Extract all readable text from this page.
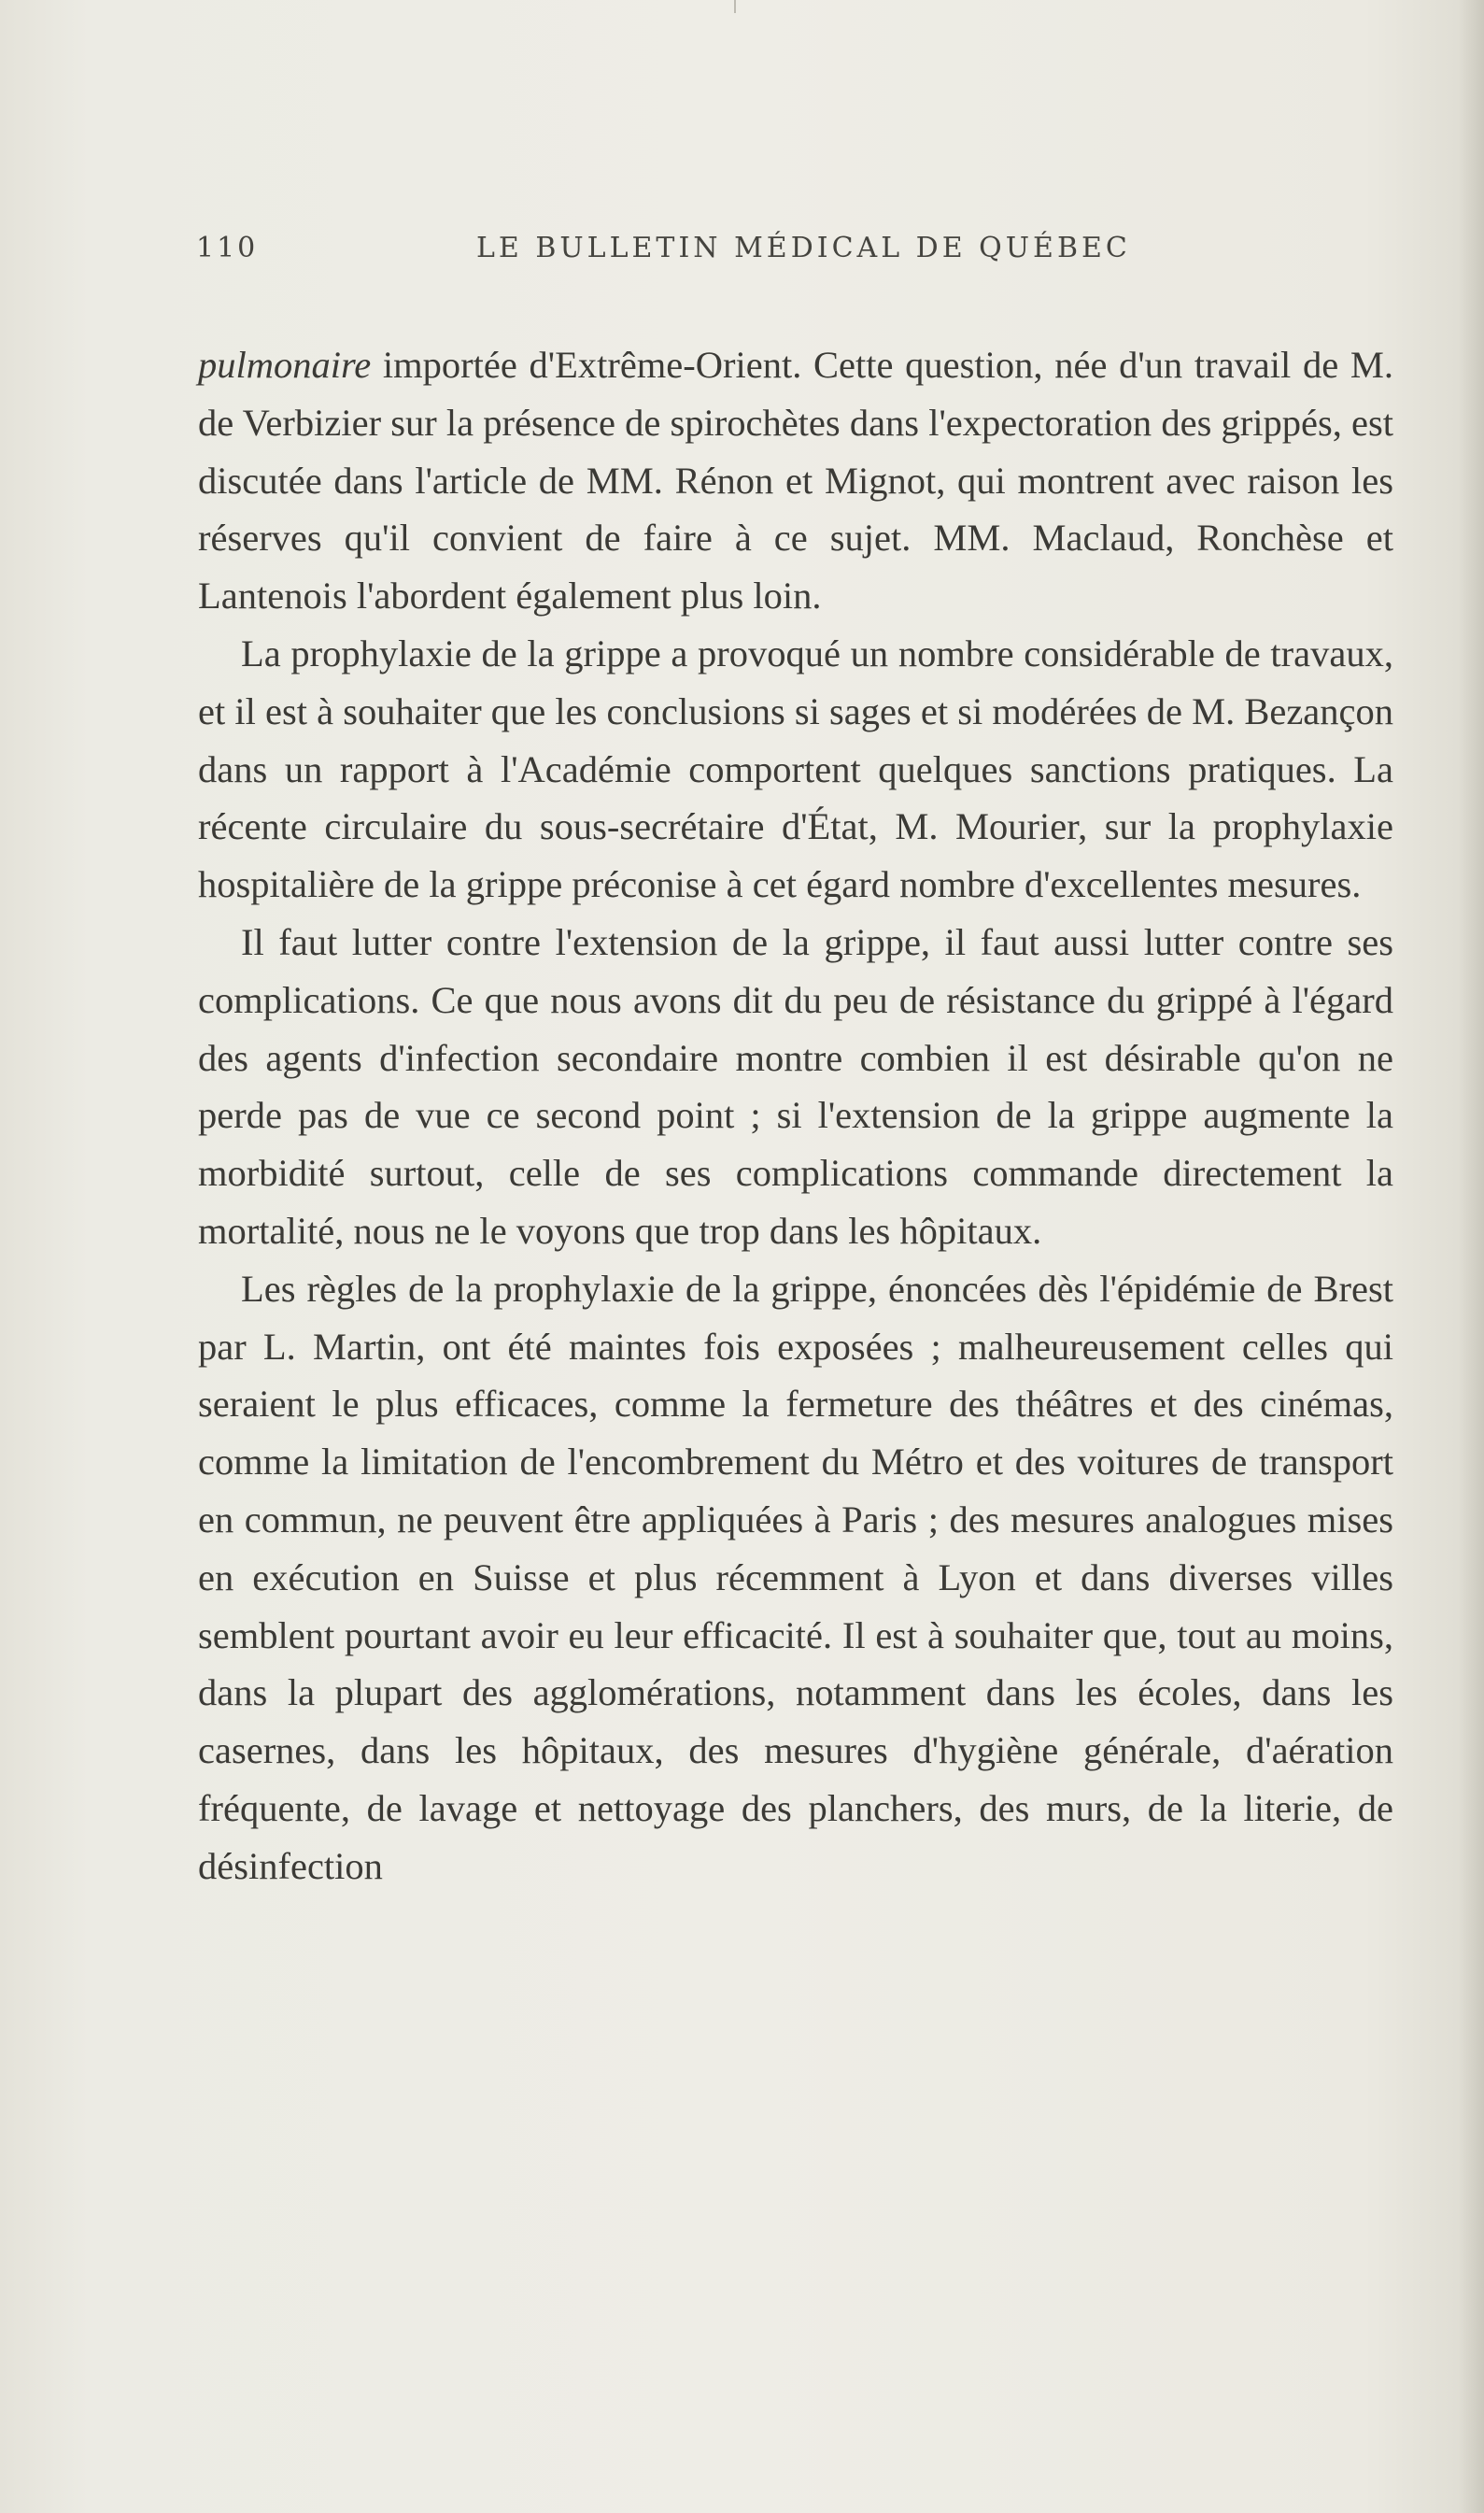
110	LE BULLETIN MÉDICAL DE QUÉBEC

pulmonaire importée d'Extrême-Orient. Cette question, née d'un travail de M. de Verbizier sur la présence de spirochètes dans l'expectoration des grippés, est discutée dans l'article de MM. Rénon et Mignot, qui montrent avec raison les réserves qu'il convient de faire à ce sujet. MM. Maclaud, Ronchèse et Lantenois l'abordent également plus loin.

La prophylaxie de la grippe a provoqué un nombre considérable de travaux, et il est à souhaiter que les conclusions si sages et si modérées de M. Bezançon dans un rapport à l'Académie comportent quelques sanctions pratiques. La récente circulaire du sous-secrétaire d'État, M. Mourier, sur la prophylaxie hospitalière de la grippe préconise à cet égard nombre d'excellentes mesures.

Il faut lutter contre l'extension de la grippe, il faut aussi lutter contre ses complications. Ce que nous avons dit du peu de résistance du grippé à l'égard des agents d'infection secondaire montre combien il est désirable qu'on ne perde pas de vue ce second point ; si l'extension de la grippe augmente la morbidité surtout, celle de ses complications commande directement la mortalité, nous ne le voyons que trop dans les hôpitaux.

Les règles de la prophylaxie de la grippe, énoncées dès l'épidémie de Brest par L. Martin, ont été maintes fois exposées ; malheureusement celles qui seraient le plus efficaces, comme la fermeture des théâtres et des cinémas, comme la limitation de l'encombrement du Métro et des voitures de transport en commun, ne peuvent être appliquées à Paris ; des mesures analogues mises en exécution en Suisse et plus récemment à Lyon et dans diverses villes semblent pourtant avoir eu leur efficacité. Il est à souhaiter que, tout au moins, dans la plupart des agglomérations, notamment dans les écoles, dans les casernes, dans les hôpitaux, des mesures d'hygiène générale, d'aération fréquente, de lavage et nettoyage des planchers, des murs, de la literie, de désinfection
